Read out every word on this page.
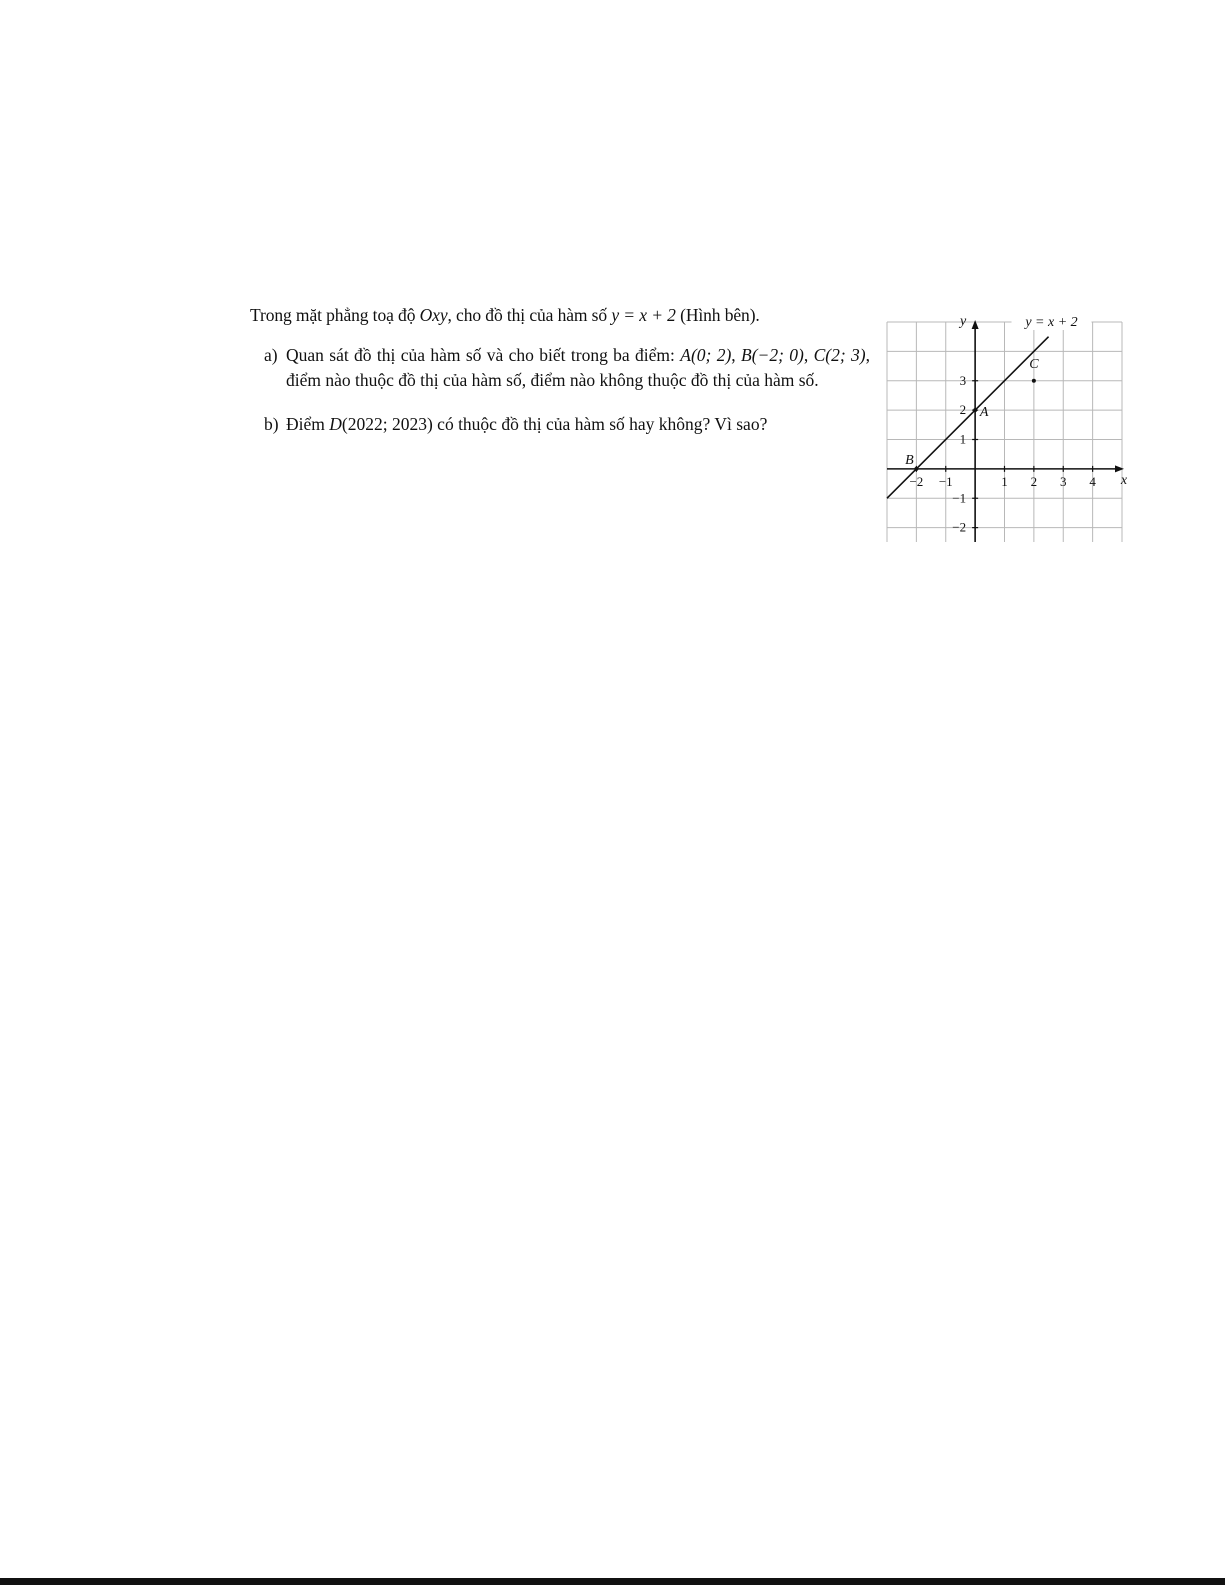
Trong mặt phẳng toạ độ Oxy, cho đồ thị của hàm số y = x + 2 (Hình bên).
a) Quan sát đồ thị của hàm số và cho biết trong ba điểm: A(0; 2), B(−2; 0), C(2; 3), điểm nào thuộc đồ thị của hàm số, điểm nào không thuộc đồ thị của hàm số.
b) Điểm D(2022; 2023) có thuộc đồ thị của hàm số hay không? Vì sao?
x
y
−2 −1	1 2 3 4
−2
−1
1
2
3
y = x + 2
A
B
C
